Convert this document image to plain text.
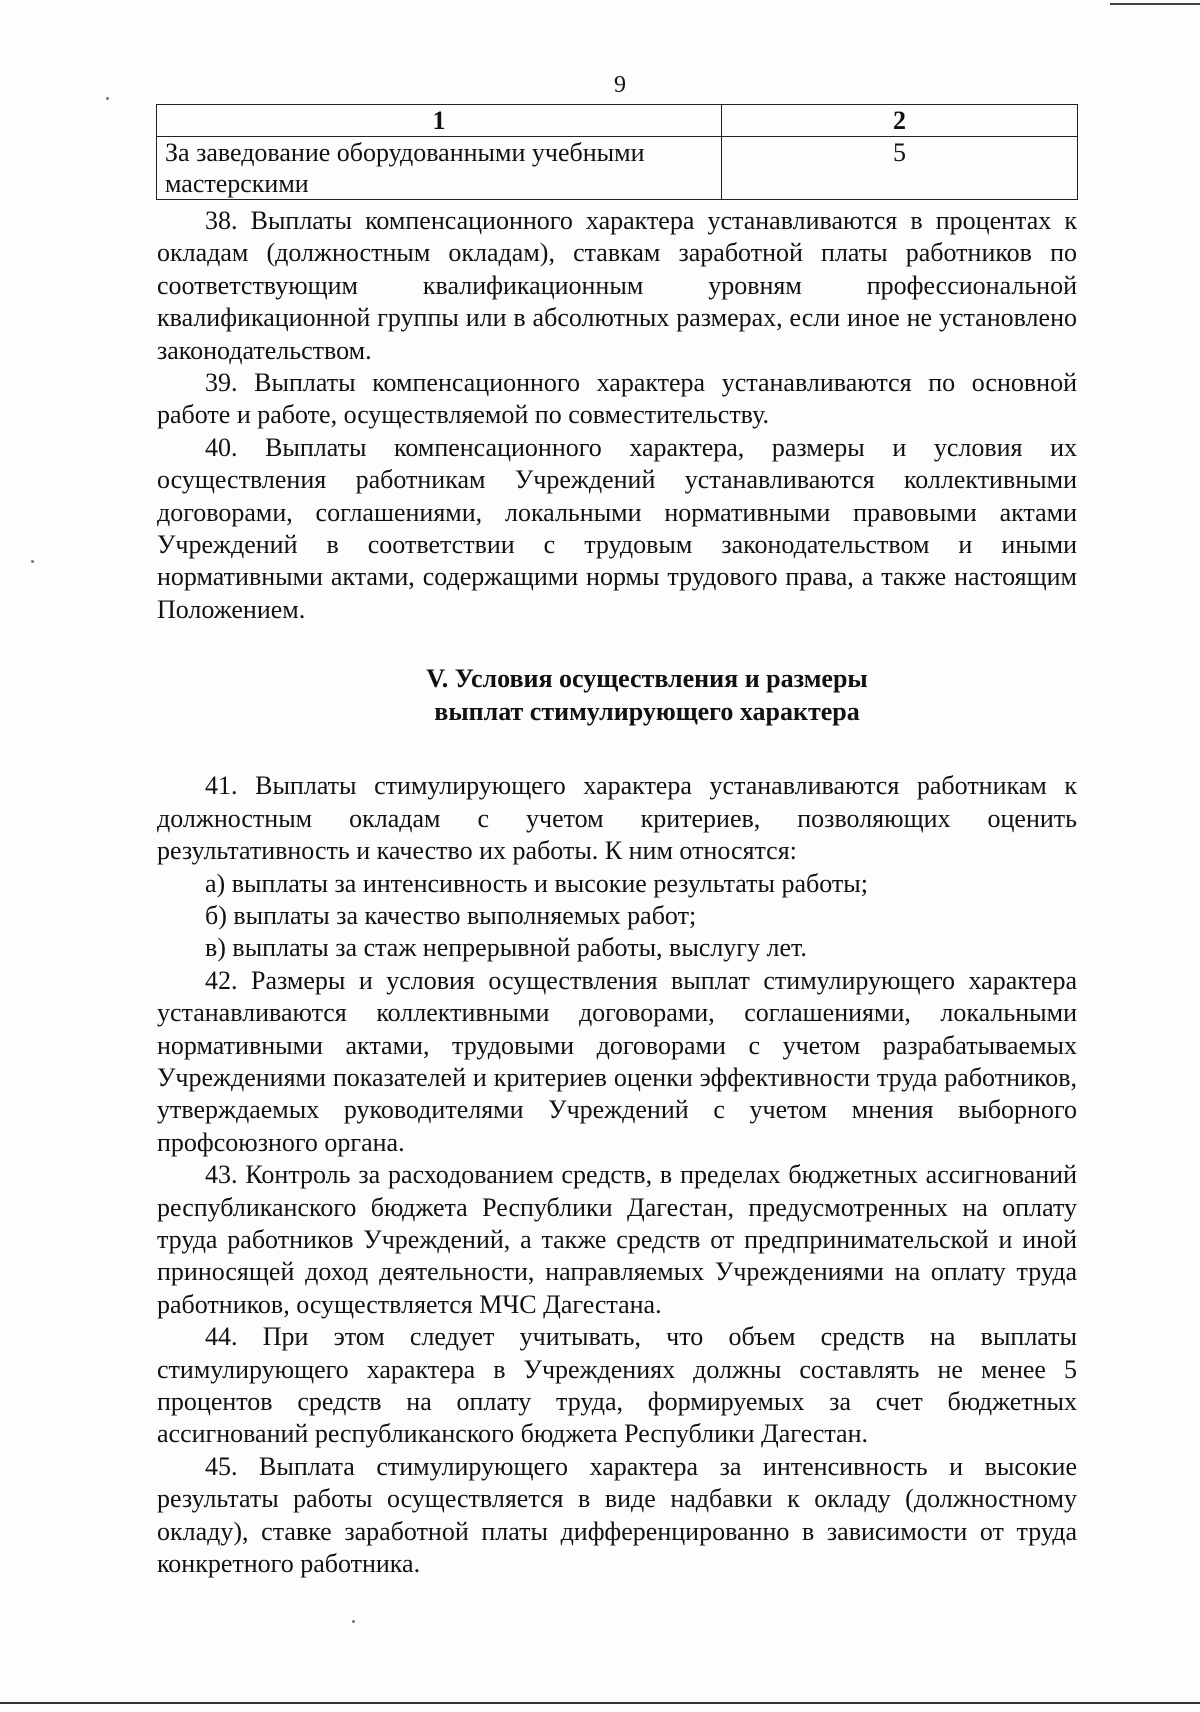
9
1	2
За заведование оборудованными учебными мастерскими	5

38. Выплаты компенсационного характера устанавливаются в процентах к окладам (должностным окладам), ставкам заработной платы работников по соответствующим квалификационным уровням профессиональной квалификационной группы или в абсолютных размерах, если иное не установлено законодательством.

39. Выплаты компенсационного характера устанавливаются по основной работе и работе, осуществляемой по совместительству.

40. Выплаты компенсационного характера, размеры и условия их осуществления работникам Учреждений устанавливаются коллективными договорами, соглашениями, локальными нормативными правовыми актами Учреждений в соответствии с трудовым законодательством и иными нормативными актами, содержащими нормы трудового права, а также настоящим Положением.

V. Условия осуществления и размеры
выплат стимулирующего характера

41. Выплаты стимулирующего характера устанавливаются работникам к должностным окладам с учетом критериев, позволяющих оценить результативность и качество их работы. К ним относятся:

а) выплаты за интенсивность и высокие результаты работы;

б) выплаты за качество выполняемых работ;

в) выплаты за стаж непрерывной работы, выслугу лет.

42. Размеры и условия осуществления выплат стимулирующего характера устанавливаются коллективными договорами, соглашениями, локальными нормативными актами, трудовыми договорами с учетом разрабатываемых Учреждениями показателей и критериев оценки эффективности труда работников, утверждаемых руководителями Учреждений с учетом мнения выборного профсоюзного органа.

43. Контроль за расходованием средств, в пределах бюджетных ассигнований республиканского бюджета Республики Дагестан, предусмотренных на оплату труда работников Учреждений, а также средств от предпринимательской и иной приносящей доход деятельности, направляемых Учреждениями на оплату труда работников, осуществляется МЧС Дагестана.

44. При этом следует учитывать, что объем средств на выплаты стимулирующего характера в Учреждениях должны составлять не менее 5 процентов средств на оплату труда, формируемых за счет бюджетных ассигнований республиканского бюджета Республики Дагестан.

45. Выплата стимулирующего характера за интенсивность и высокие результаты работы осуществляется в виде надбавки к окладу (должностному окладу), ставке заработной платы дифференцированно в зависимости от труда конкретного работника.
